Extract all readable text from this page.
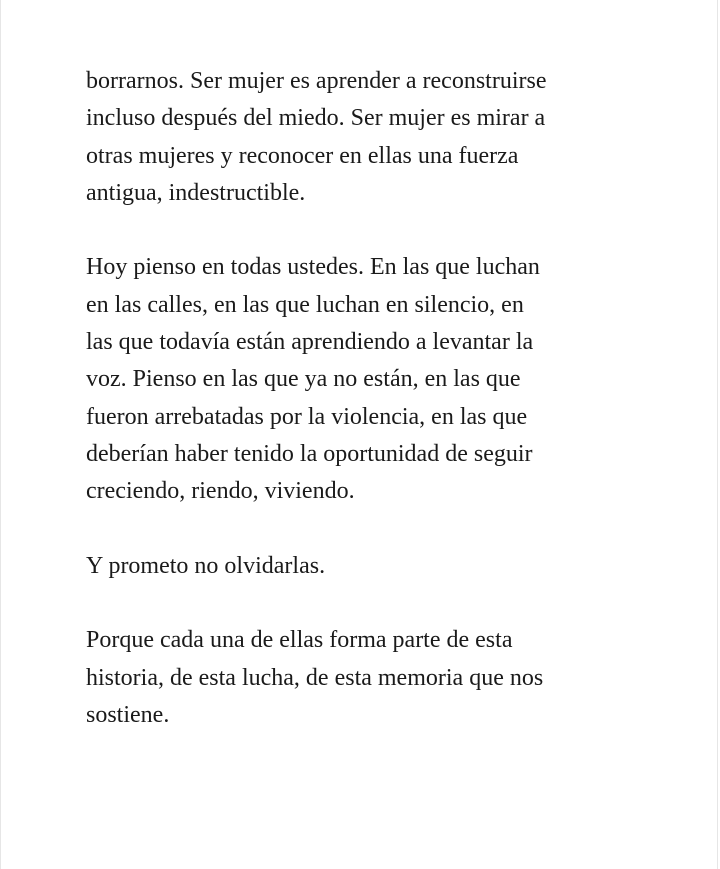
borrarnos. Ser mujer es aprender a reconstruirse
incluso después del miedo. Ser mujer es mirar a
otras mujeres y reconocer en ellas una fuerza
antigua, indestructible.

Hoy pienso en todas ustedes. En las que luchan
en las calles, en las que luchan en silencio, en
las que todavía están aprendiendo a levantar la
voz. Pienso en las que ya no están, en las que
fueron arrebatadas por la violencia, en las que
deberían haber tenido la oportunidad de seguir
creciendo, riendo, viviendo.

Y prometo no olvidarlas.

Porque cada una de ellas forma parte de esta
historia, de esta lucha, de esta memoria que nos
sostiene.
